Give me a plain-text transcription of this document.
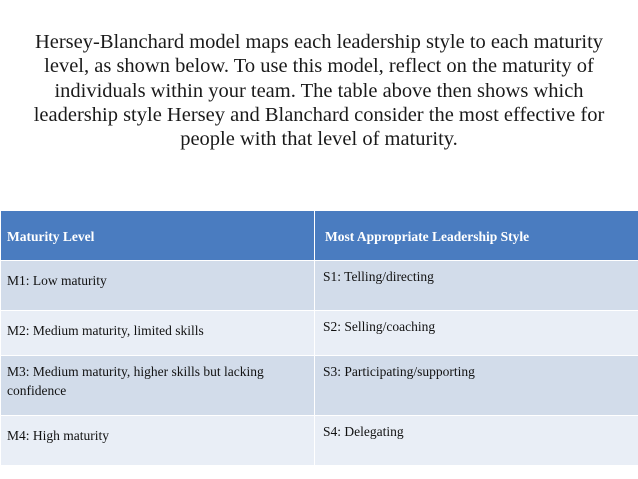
Hersey-Blanchard model maps each leadership style to each maturity level, as shown below. To use this model, reflect on the maturity of individuals within your team. The table above then shows which leadership style Hersey and Blanchard consider the most effective for people with that level of maturity.

Maturity Level	Most Appropriate Leadership Style
M1: Low maturity	S1: Telling/directing
M2: Medium maturity, limited skills	S2: Selling/coaching
M3: Medium maturity, higher skills but lacking confidence	S3: Participating/supporting
M4: High maturity	S4: Delegating
